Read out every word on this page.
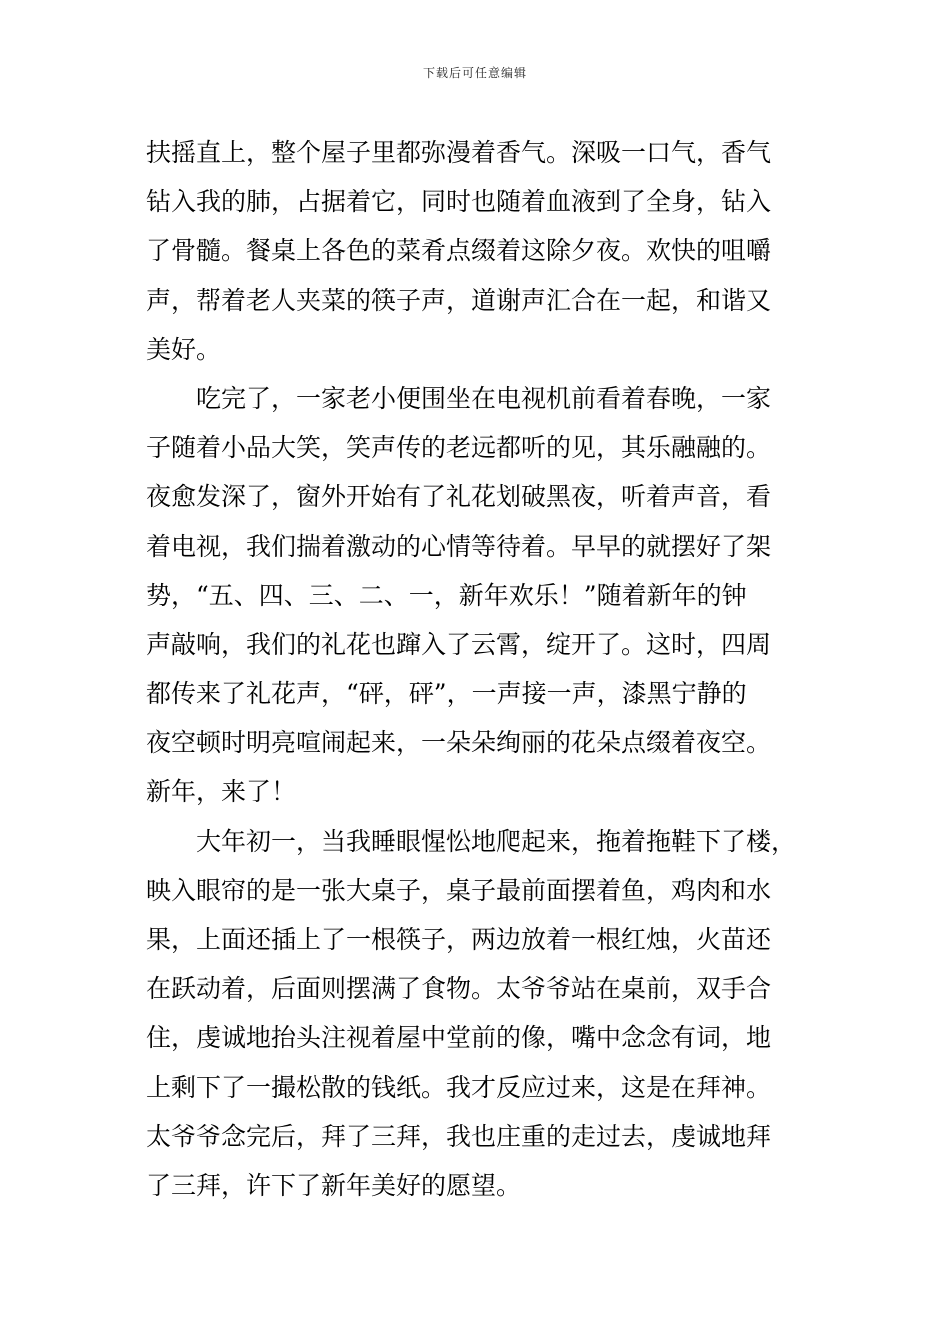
下载后可任意编辑
扶摇直上，整个屋子里都弥漫着香气。深吸一口气，香气
钻入我的肺，占据着它，同时也随着血液到了全身，钻入
了骨髓。餐桌上各色的菜肴点缀着这除夕夜。欢快的咀嚼
声，帮着老人夹菜的筷子声，道谢声汇合在一起，和谐又
美好。
　　吃完了，一家老小便围坐在电视机前看着春晚，一家
子随着小品大笑，笑声传的老远都听的见，其乐融融的。
夜愈发深了，窗外开始有了礼花划破黑夜，听着声音，看
着电视，我们揣着激动的心情等待着。早早的就摆好了架
势，“五、四、三、二、一，新年欢乐！”随着新年的钟
声敲响，我们的礼花也蹿入了云霄，绽开了。这时，四周
都传来了礼花声，“砰，砰”，一声接一声，漆黑宁静的
夜空顿时明亮喧闹起来，一朵朵绚丽的花朵点缀着夜空。
新年，来了！
　　大年初一，当我睡眼惺忪地爬起来，拖着拖鞋下了楼，
映入眼帘的是一张大桌子，桌子最前面摆着鱼，鸡肉和水
果，上面还插上了一根筷子，两边放着一根红烛，火苗还
在跃动着，后面则摆满了食物。太爷爷站在桌前，双手合
住，虔诚地抬头注视着屋中堂前的像，嘴中念念有词，地
上剩下了一撮松散的钱纸。我才反应过来，这是在拜神。
太爷爷念完后，拜了三拜，我也庄重的走过去，虔诚地拜
了三拜，许下了新年美好的愿望。
